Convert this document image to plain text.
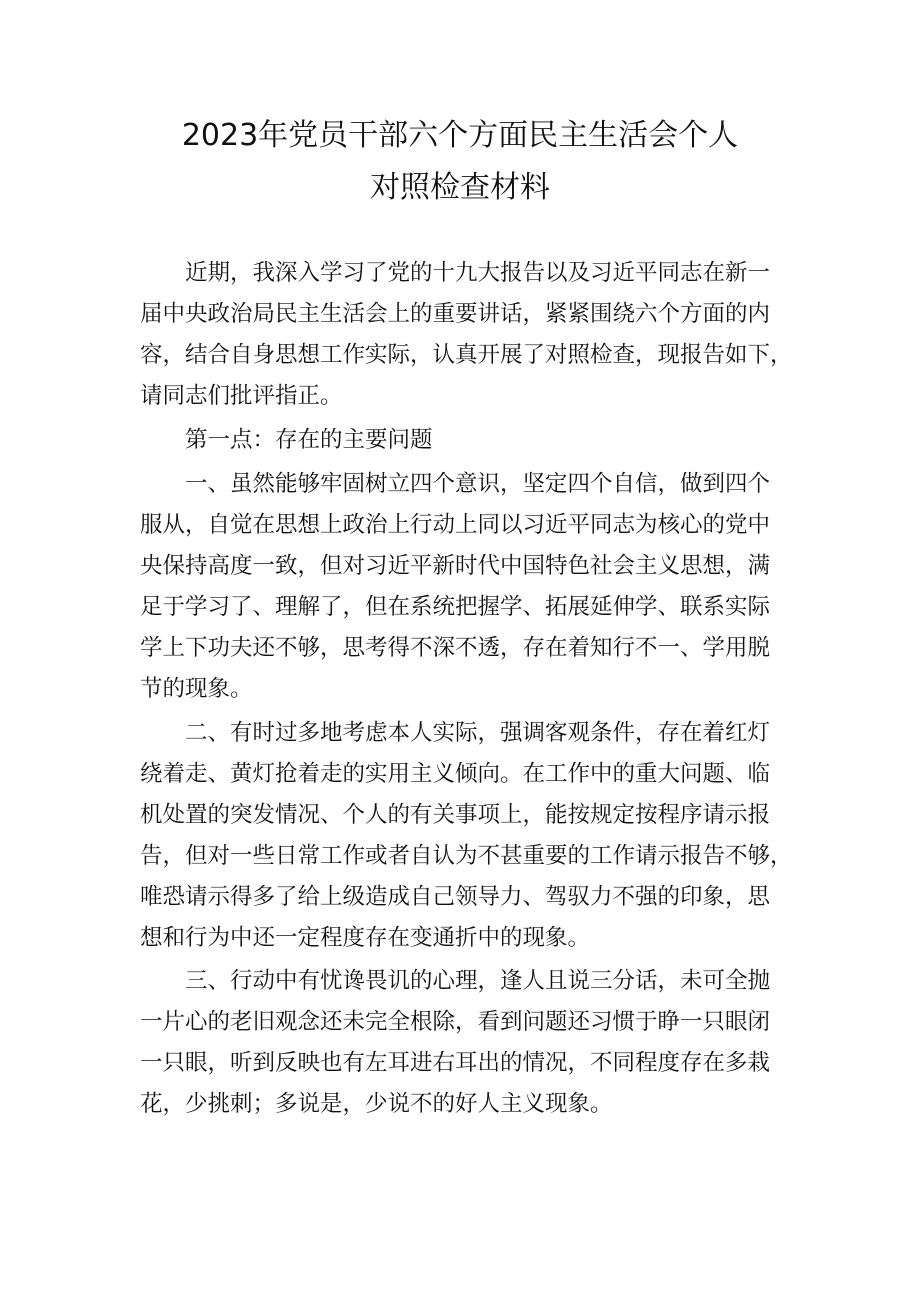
2023年党员干部六个方面民主生活会个人
对照检查材料
近期，我深入学习了党的十九大报告以及习近平同志在新一
届中央政治局民主生活会上的重要讲话，紧紧围绕六个方面的内
容，结合自身思想工作实际，认真开展了对照检查，现报告如下，
请同志们批评指正。
第一点：存在的主要问题
一、虽然能够牢固树立四个意识，坚定四个自信，做到四个
服从，自觉在思想上政治上行动上同以习近平同志为核心的党中
央保持高度一致，但对习近平新时代中国特色社会主义思想，满
足于学习了、理解了，但在系统把握学、拓展延伸学、联系实际
学上下功夫还不够，思考得不深不透，存在着知行不一、学用脱
节的现象。
二、有时过多地考虑本人实际，强调客观条件，存在着红灯
绕着走、黄灯抢着走的实用主义倾向。在工作中的重大问题、临
机处置的突发情况、个人的有关事项上，能按规定按程序请示报
告，但对一些日常工作或者自认为不甚重要的工作请示报告不够，
唯恐请示得多了给上级造成自己领导力、驾驭力不强的印象，思
想和行为中还一定程度存在变通折中的现象。
三、行动中有忧谗畏讥的心理，逢人且说三分话，未可全抛
一片心的老旧观念还未完全根除，看到问题还习惯于睁一只眼闭
一只眼，听到反映也有左耳进右耳出的情况，不同程度存在多栽
花，少挑刺；多说是，少说不的好人主义现象。
